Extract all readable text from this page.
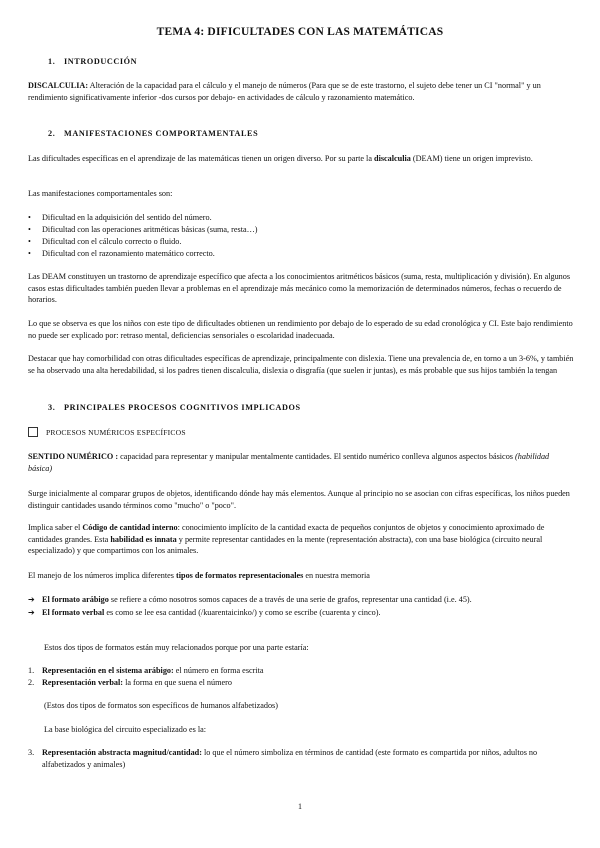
TEMA 4: DIFICULTADES CON LAS MATEMÁTICAS
1. INTRODUCCIÓN
DISCALCULIA: Alteración de la capacidad para el cálculo y el manejo de números (Para que se de este trastorno, el sujeto debe tener un CI "normal" y un rendimiento significativamente inferior -dos cursos por debajo- en actividades de cálculo y razonamiento matemático.
2. MANIFESTACIONES COMPORTAMENTALES
Las dificultades específicas en el aprendizaje de las matemáticas tienen un origen diverso. Por su parte la discalculia (DEAM) tiene un origen imprevisto.
Las manifestaciones comportamentales son:
• Dificultad en la adquisición del sentido del número.
• Dificultad con las operaciones aritméticas básicas (suma, resta…)
• Dificultad con el cálculo correcto o fluido.
• Dificultad con el razonamiento matemático correcto.
Las DEAM constituyen un trastorno de aprendizaje específico que afecta a los conocimientos aritméticos básicos (suma, resta, multiplicación y división). En algunos casos estas dificultades también pueden llevar a problemas en el aprendizaje más mecánico como la memorización de determinados números, fechas o recuerdo de horarios.
Lo que se observa es que los niños con este tipo de dificultades obtienen un rendimiento por debajo de lo esperado de su edad cronológica y CI. Este bajo rendimiento no puede ser explicado por: retraso mental, deficiencias sensoriales o escolaridad inadecuada.
Destacar que hay comorbilidad con otras dificultades específicas de aprendizaje, principalmente con dislexia. Tiene una prevalencia de, en torno a un 3-6%, y también se ha observado una alta heredabilidad, si los padres tienen discalculia, dislexia o disgrafía (que suelen ir juntas), es más probable que sus hijos también la tengan
3. PRINCIPALES PROCESOS COGNITIVOS IMPLICADOS
PROCESOS NUMÉRICOS ESPECÍFICOS
SENTIDO NUMÉRICO : capacidad para representar y manipular mentalmente cantidades. El sentido numérico conlleva algunos aspectos básicos (habilidad básica)
Surge inicialmente al comparar grupos de objetos, identificando dónde hay más elementos. Aunque al principio no se asocian con cifras específicas, los niños pueden distinguir cantidades usando términos como "mucho" o "poco".
Implica saber el Código de cantidad interno: conocimiento implícito de la cantidad exacta de pequeños conjuntos de objetos y conocimiento aproximado de cantidades grandes. Esta habilidad es innata y permite representar cantidades en la mente (representación abstracta), con una base biológica (circuito neural especializado) y que compartimos con los animales.
El manejo de los números implica diferentes tipos de formatos representacionales en nuestra memoria
➔ El formato arábigo se refiere a cómo nosotros somos capaces de a través de una serie de grafos, representar una cantidad (i.e. 45).
➔ El formato verbal es como se lee esa cantidad (/kuarentaicinko/) y como se escribe (cuarenta y cinco).
Estos dos tipos de formatos están muy relacionados porque por una parte estaría:
1. Representación en el sistema arábigo: el número en forma escrita
2. Representación verbal: la forma en que suena el número
(Estos dos tipos de formatos son específicos de humanos alfabetizados)
La base biológica del circuito especializado es la:
3. Representación abstracta magnitud/cantidad: lo que el número simboliza en términos de cantidad (este formato es compartida por niños, adultos no alfabetizados y animales)
1
